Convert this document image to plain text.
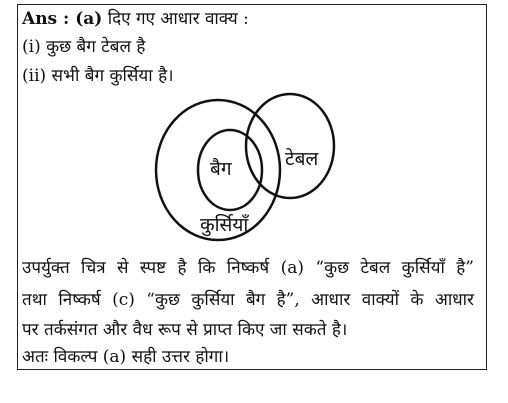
Ans : (a) दिए गए आधार वाक्य :
(i) कुछ बैग टेबल है
(ii) सभी बैग कुर्सिया है।
बैग	टेबल
कुर्सियाँ
उपर्युक्त चित्र से स्पष्ट है कि निष्कर्ष (a) “कुछ टेबल कुर्सियाँ है”
तथा निष्कर्ष (c) “कुछ कुर्सिया बैग है”, आधार वाक्यों के आधार
पर तर्कसंगत और वैध रूप से प्राप्त किए जा सकते है।
अतः विकल्प (a) सही उत्तर होगा।
